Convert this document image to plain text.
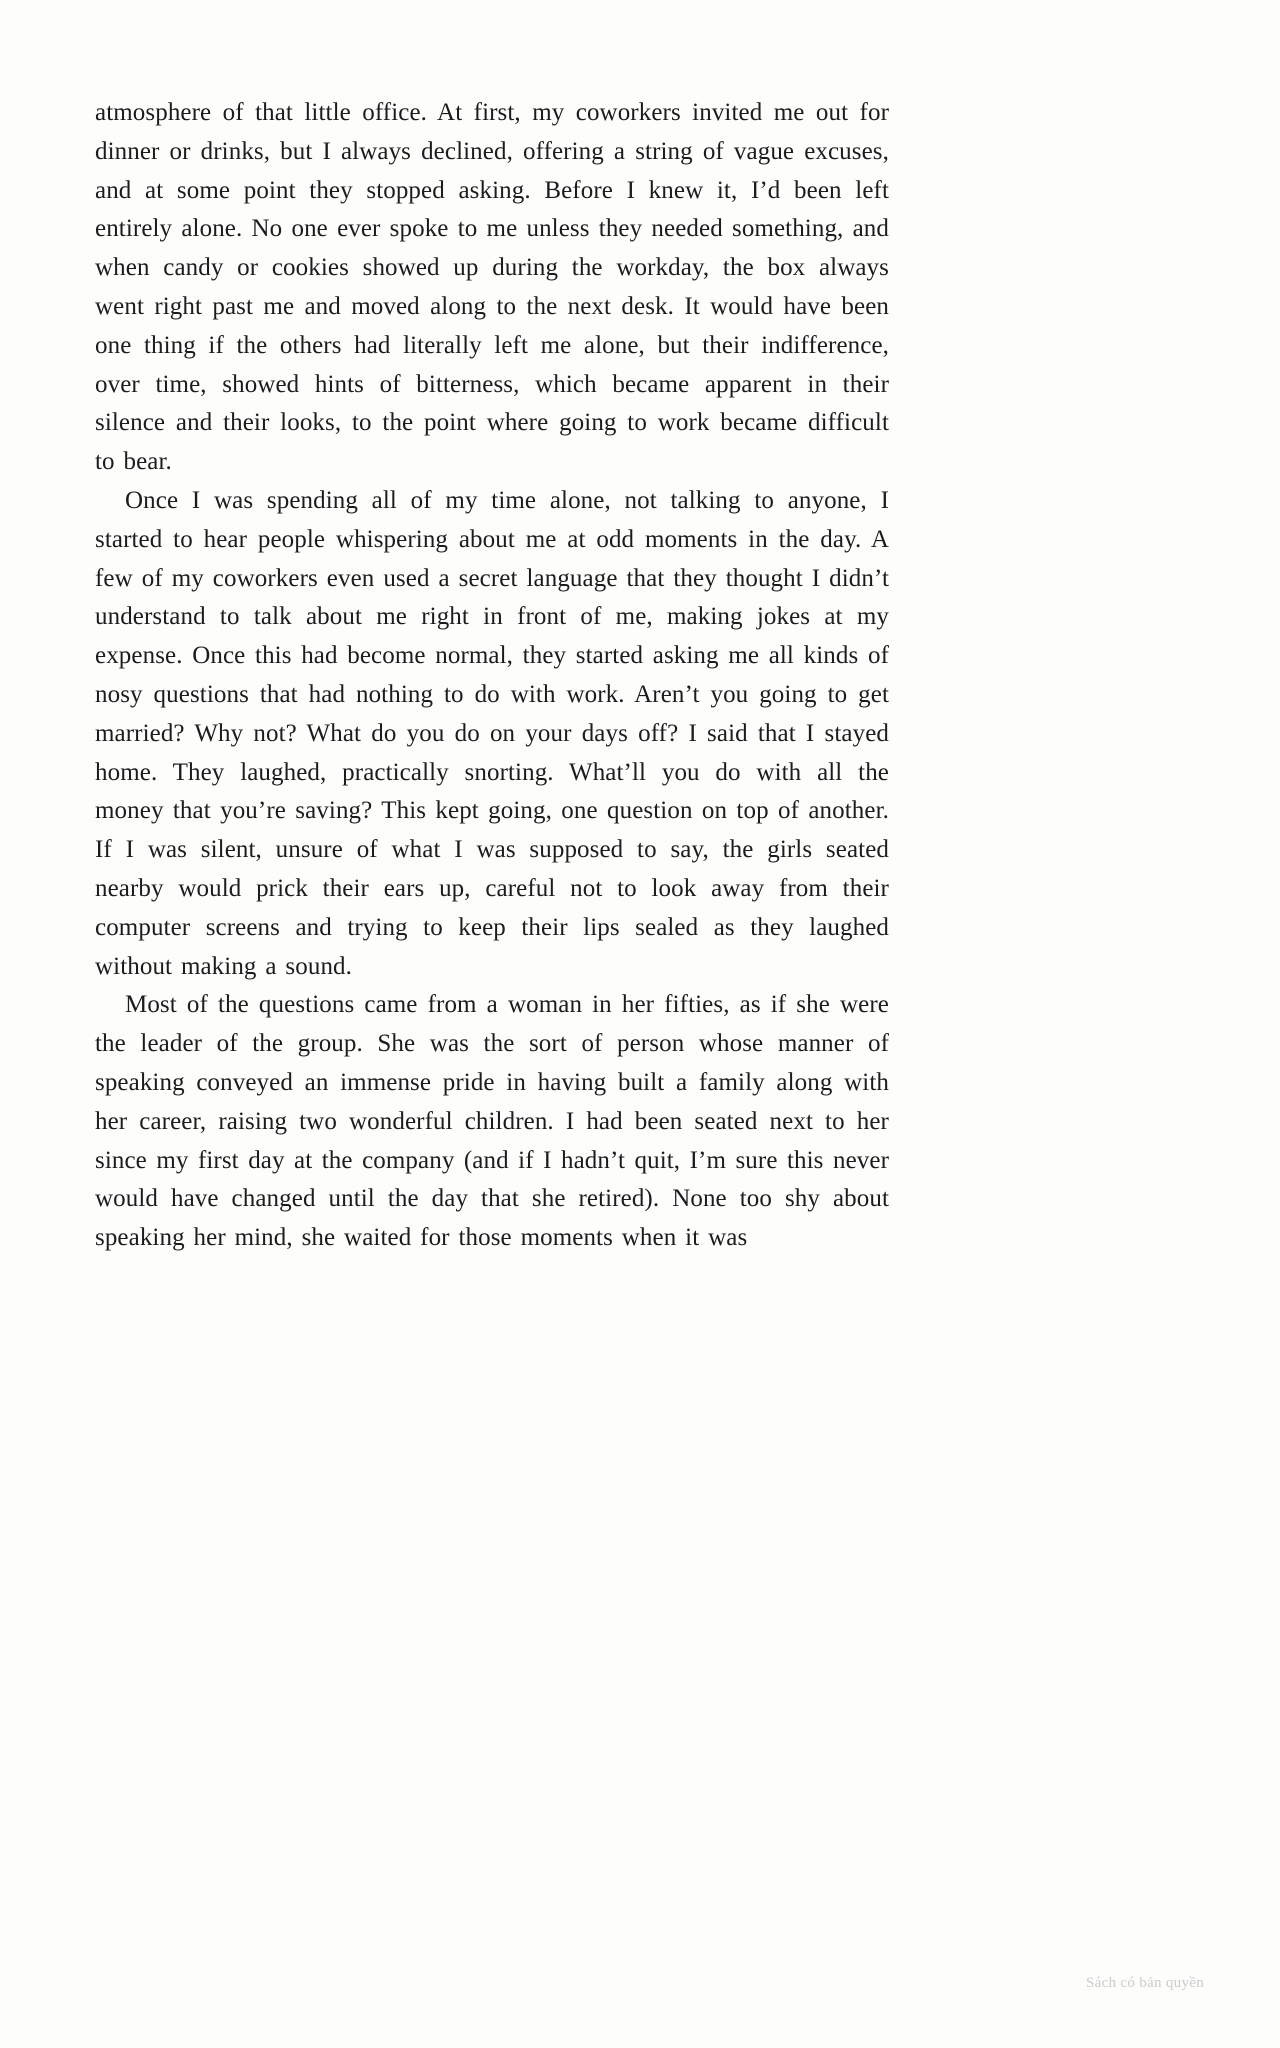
atmosphere of that little office. At first, my coworkers invited me out for dinner or drinks, but I always declined, offering a string of vague excuses, and at some point they stopped asking. Before I knew it, I’d been left entirely alone. No one ever spoke to me unless they needed something, and when candy or cookies showed up during the workday, the box always went right past me and moved along to the next desk. It would have been one thing if the others had literally left me alone, but their indifference, over time, showed hints of bitterness, which became apparent in their silence and their looks, to the point where going to work became difficult to bear.

Once I was spending all of my time alone, not talking to anyone, I started to hear people whispering about me at odd moments in the day. A few of my coworkers even used a secret language that they thought I didn’t understand to talk about me right in front of me, making jokes at my expense. Once this had become normal, they started asking me all kinds of nosy questions that had nothing to do with work. Aren’t you going to get married? Why not? What do you do on your days off? I said that I stayed home. They laughed, practically snorting. What’ll you do with all the money that you’re saving? This kept going, one question on top of another. If I was silent, unsure of what I was supposed to say, the girls seated nearby would prick their ears up, careful not to look away from their computer screens and trying to keep their lips sealed as they laughed without making a sound.

Most of the questions came from a woman in her fifties, as if she were the leader of the group. She was the sort of person whose manner of speaking conveyed an immense pride in having built a family along with her career, raising two wonderful children. I had been seated next to her since my first day at the company (and if I hadn’t quit, I’m sure this never would have changed until the day that she retired). None too shy about speaking her mind, she waited for those moments when it was

Sách có bản quyền
